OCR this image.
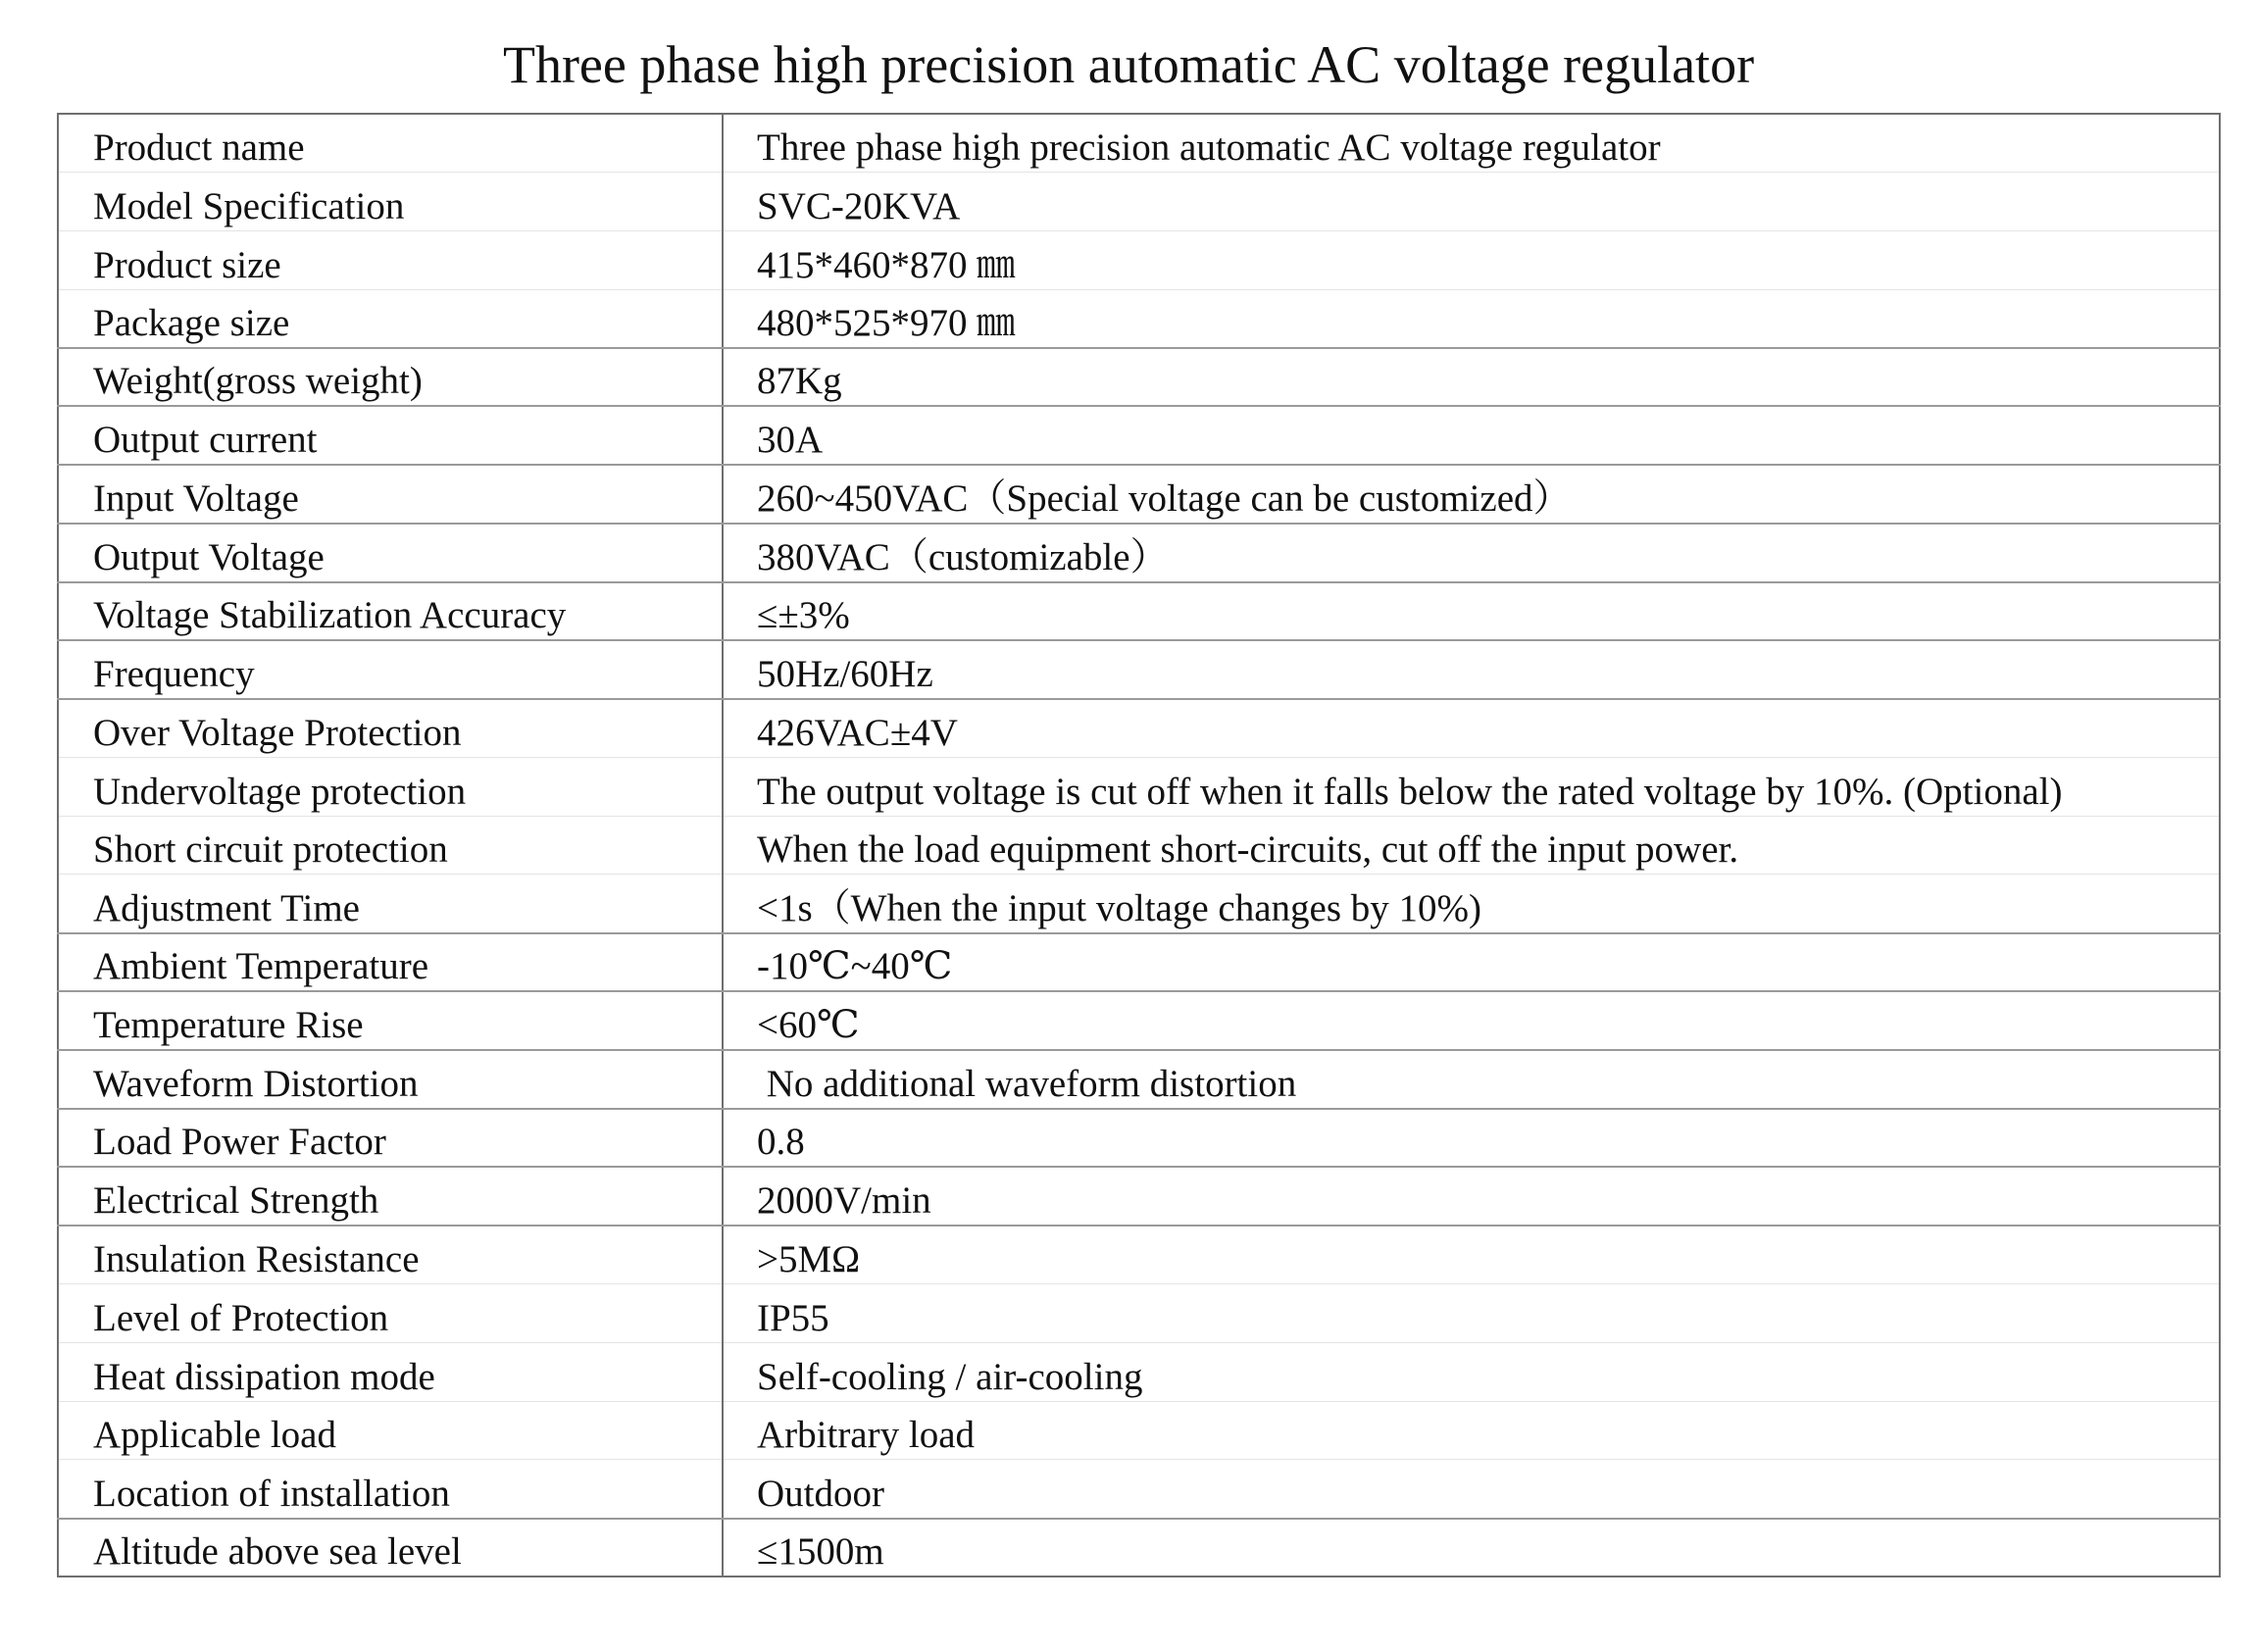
Three phase high precision automatic AC voltage regulator
Product name	Three phase high precision automatic AC voltage regulator
Model Specification	SVC-20KVA
Product size	415*460*870 ㎜
Package size	480*525*970 ㎜
Weight(gross weight)	87Kg
Output current	30A
Input Voltage	260~450VAC（Special voltage can be customized）
Output Voltage	380VAC（customizable）
Voltage Stabilization Accuracy	≤±3%
Frequency	50Hz/60Hz
Over Voltage Protection	426VAC±4V
Undervoltage protection	The output voltage is cut off when it falls below the rated voltage by 10%. (Optional)
Short circuit protection	When the load equipment short-circuits, cut off the input power.
Adjustment Time	<1s（When the input voltage changes by 10%)
Ambient Temperature	-10℃~40℃
Temperature Rise	<60℃
Waveform Distortion	No additional waveform distortion
Load Power Factor	0.8
Electrical Strength	2000V/min
Insulation Resistance	>5MΩ
Level of Protection	IP55
Heat dissipation mode	Self-cooling / air-cooling
Applicable load	Arbitrary load
Location of installation	Outdoor
Altitude above sea level	≤1500m
